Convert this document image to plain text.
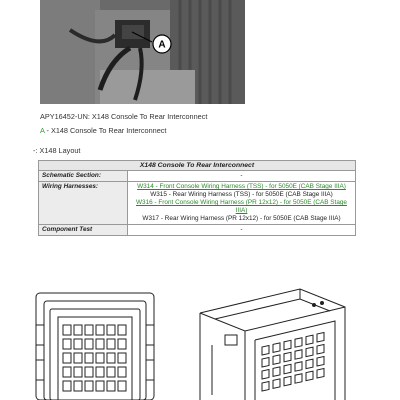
A
APY16452-UN: X148 Console To Rear Interconnect
A - X148 Console To Rear Interconnect
-: X148 Layout
X148 Console To Rear Interconnect	
Schematic Section:	-
Wiring Harnesses:	W314 - Front Console Wiring Harness (TSS) - for 5050E (CAB Stage IIIA)
W315 - Rear Wiring Harness (TSS) - for 5050E (CAB Stage IIIA)
W316 - Front Console Wiring Harness (PR 12x12) - for 5050E (CAB Stage IIIA)
W317 - Rear Wiring Harness (PR 12x12) - for 5050E (CAB Stage IIIA)

Component Test	-
